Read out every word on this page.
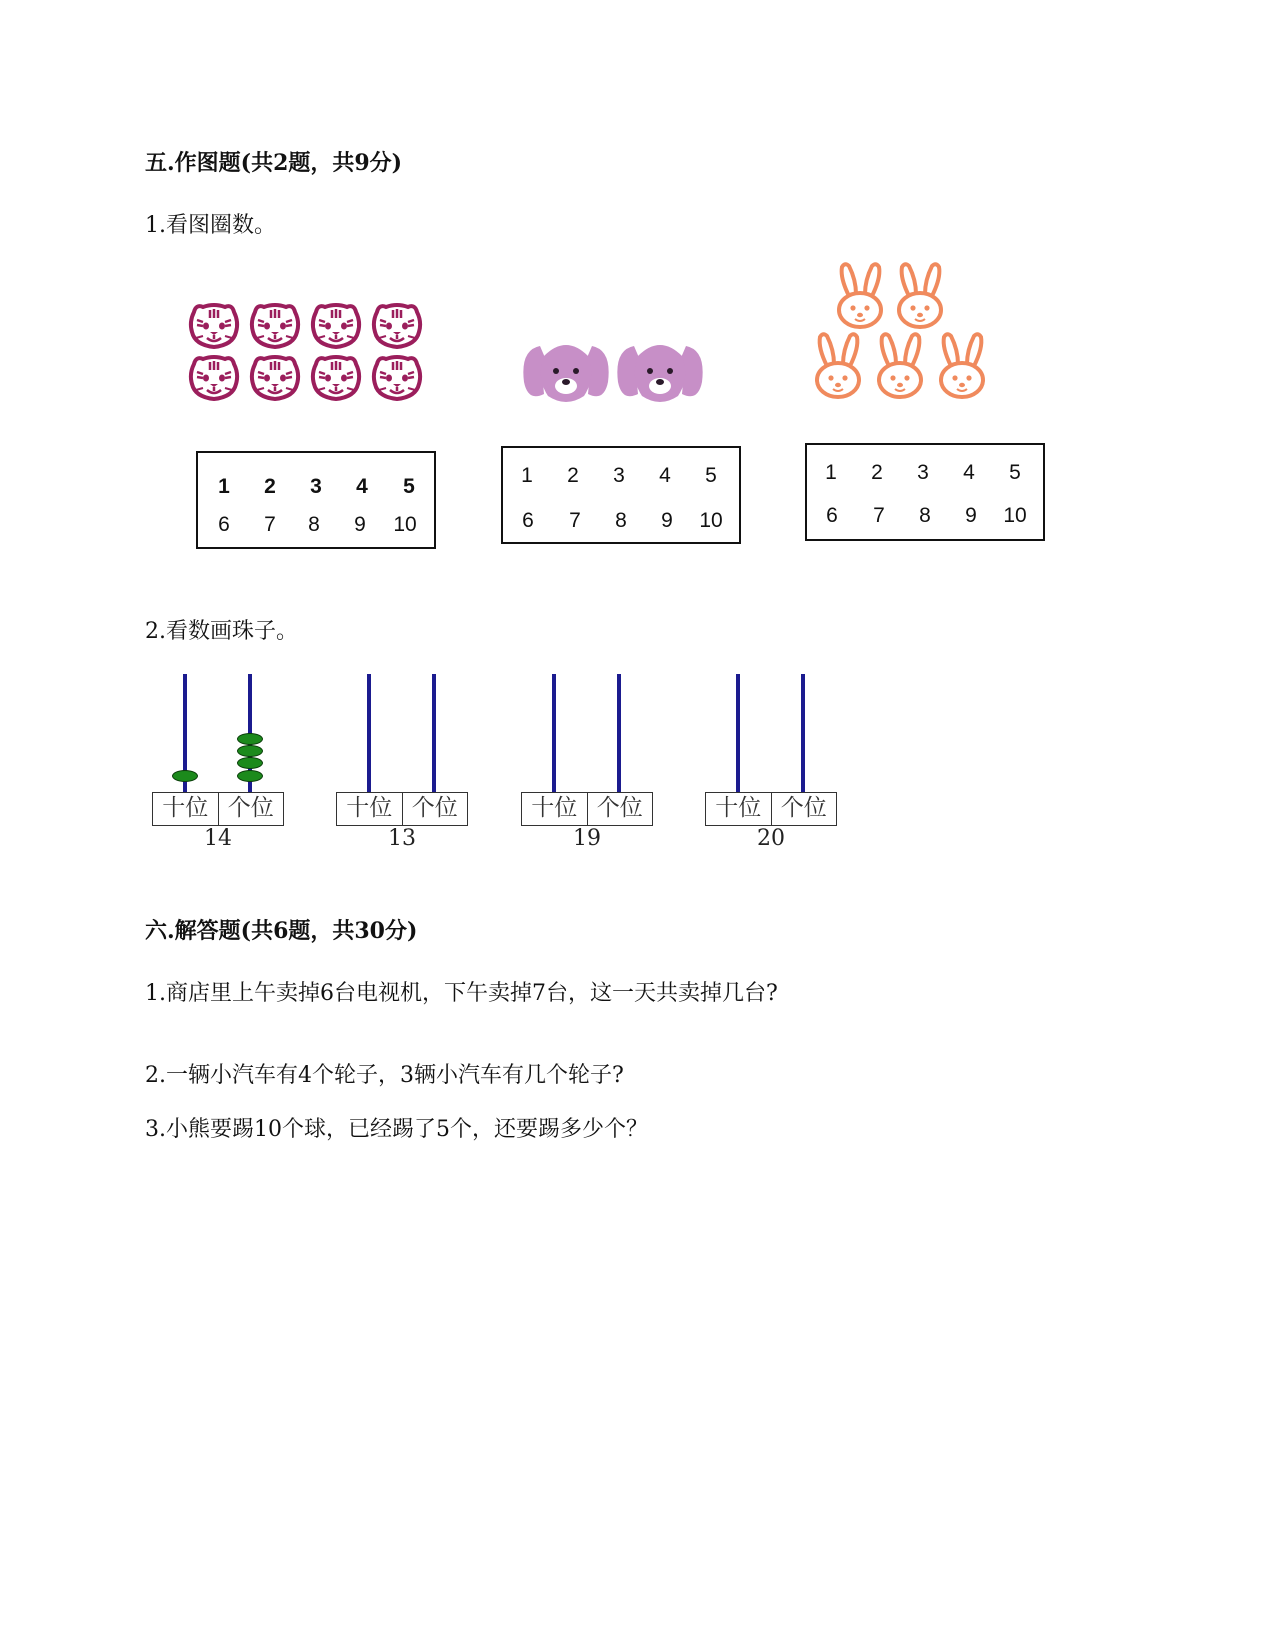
五.作图题(共2题，共9分)
1.看图圈数。
1	2	3	4	5
6	7	8	9	10
1	2	3	4	5
6	7	8	9	10
1	2	3	4	5
6	7	8	9	10
2.看数画珠子。
十位 个位
14
十位 个位
13
十位 个位
19
十位 个位
20
六.解答题(共6题，共30分)
1.商店里上午卖掉6台电视机，下午卖掉7台，这一天共卖掉几台?
2.一辆小汽车有4个轮子，3辆小汽车有几个轮子?
3.小熊要踢10个球，已经踢了5个，还要踢多少个？
